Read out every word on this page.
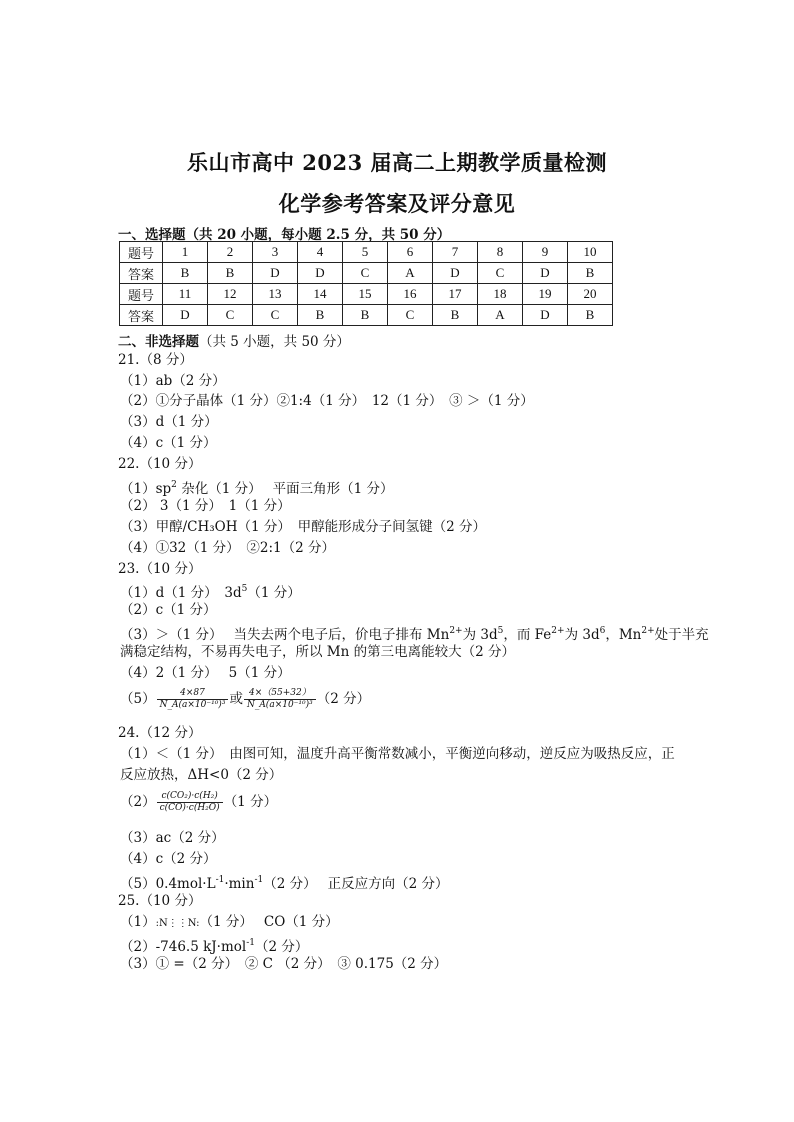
乐山市高中 2023 届高二上期教学质量检测
化学参考答案及评分意见
一、选择题（共 20 小题，每小题 2.5 分，共 50 分）
题号	1	2	3	4	5	6	7	8	9	10
答案	B	B	D	D	C	A	D	C	D	B
题号	11	12	13	14	15	16	17	18	19	20
答案	D	C	C	B	B	C	B	A	D	B
二、非选择题（共 5 小题，共 50 分）
21.（8 分）
（1）ab（2 分）
（2）①分子晶体（1 分）②1:4（1 分）　12（1 分）　③ ＞（1 分）
（3）d（1 分）
（4）c（1 分）
22.（10 分）
$(1)sp^2$ 杂化（1 分）　 平面三角形（1 分）
（2） 3（1 分）　1（1 分）
（3）甲醇/CH₃OH（1 分）　甲醇能形成分子间氢键（2 分）
（4）①32（1 分）　②2:1（2 分）
23.（10 分）
（1）d（1 分）　$3d^5(1$ 分）
（2）c（1 分）
（3）＞（1 分）　 当失去两个电子后，价电子排布 $Mn^{2+}$为 $3d^5$，而 $Fe^{2+}$为 $3d^6$，$Mn^{2+}$处于半充
满稳定结构，不易再失电子，所以 Mn 的第三电离能较大（2 分）
（4）2（1 分）　 5（1 分）
$(5) \frac{4\times 87}{\text{N\_A(a×10⁻¹⁰)³}}$ 或 $\frac{4\times(55+32)}{\text{N\_A(a×10⁻¹⁰)³}} (2$ 分）
24.（12 分）
（1）＜（1 分）　由图可知，温度升高平衡常数减小，平衡逆向移动，逆反应为吸热反应，正
反应放热，ΔH<0（2 分）
$(2) \frac{\text{c(CO₂)·c(H₂)}}{\text{c(CO)·c(H₂O)}} (1$ 分）
（3）ac（2 分）
（4）c（2 分）
$(5)0.4mol\cdot L^{-1}\cdot\min^{-1}(2$ 分）　 正反应方向（2 分）
25.（10 分）
（1）:N⋮⋮N:（1 分）　 CO（1 分）
（2）-746.5 kJ·mol$^{-1}$（2 分）
（3）① =（2 分）　② C （2 分）　③ 0.175（2 分）
